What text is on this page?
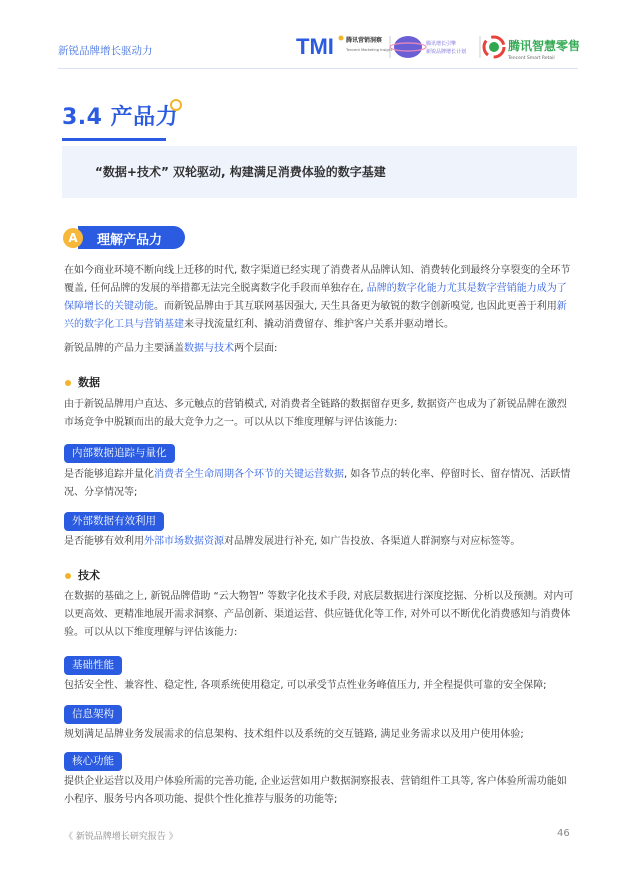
新锐品牌增长驱动力	TMI 腾讯营销洞察
Tencent Marketing Insight
腾讯增长引擎
新锐品牌增长计划	腾讯智慧零售
Tencent Smart Retail
3.4 产品力
“数据+技术” 双轮驱动, 构建满足消费体验的数字基建
A	理解产品力

在如今商业环境不断向线上迁移的时代, 数字渠道已经实现了消费者从品牌认知、消费转化到最终分享裂变的全环节覆盖, 任何品牌的发展的举措都无法完全脱离数字化手段而单独存在, 品牌的数字化能力尤其是数字营销能力成为了保障增长的关键动能。而新锐品牌由于其互联网基因强大, 天生具备更为敏锐的数字创新嗅觉, 也因此更善于利用新兴的数字化工具与营销基建来寻找流量红利、撬动消费留存、维护客户关系并驱动增长。

新锐品牌的产品力主要涵盖数据与技术两个层面:

数据

由于新锐品牌用户直达、多元触点的营销模式, 对消费者全链路的数据留存更多, 数据资产也成为了新锐品牌在激烈市场竞争中脱颖而出的最大竞争力之一。可以从以下维度理解与评估该能力:

内部数据追踪与量化

是否能够追踪并量化消费者全生命周期各个环节的关键运营数据, 如各节点的转化率、停留时长、留存情况、活跃情况、分享情况等;

外部数据有效利用

是否能够有效利用外部市场数据资源对品牌发展进行补充, 如广告投放、各渠道人群洞察与对应标签等。

技术

在数据的基础之上, 新锐品牌借助 “云大物智” 等数字化技术手段, 对底层数据进行深度挖掘、分析以及预测。对内可以更高效、更精准地展开需求洞察、产品创新、渠道运营、供应链优化等工作, 对外可以不断优化消费感知与消费体验。可以从以下维度理解与评估该能力:

基础性能

包括安全性、兼容性、稳定性, 各项系统使用稳定, 可以承受节点性业务峰值压力, 并全程提供可靠的安全保障;

信息架构

规划满足品牌业务发展需求的信息架构、技术组件以及系统的交互链路, 满足业务需求以及用户使用体验;

核心功能

提供企业运营以及用户体验所需的完善功能, 企业运营如用户数据洞察报表、营销组件工具等, 客户体验所需功能如小程序、服务号内各项功能、提供个性化推荐与服务的功能等;

《 新锐品牌增长研究报告 》	46
